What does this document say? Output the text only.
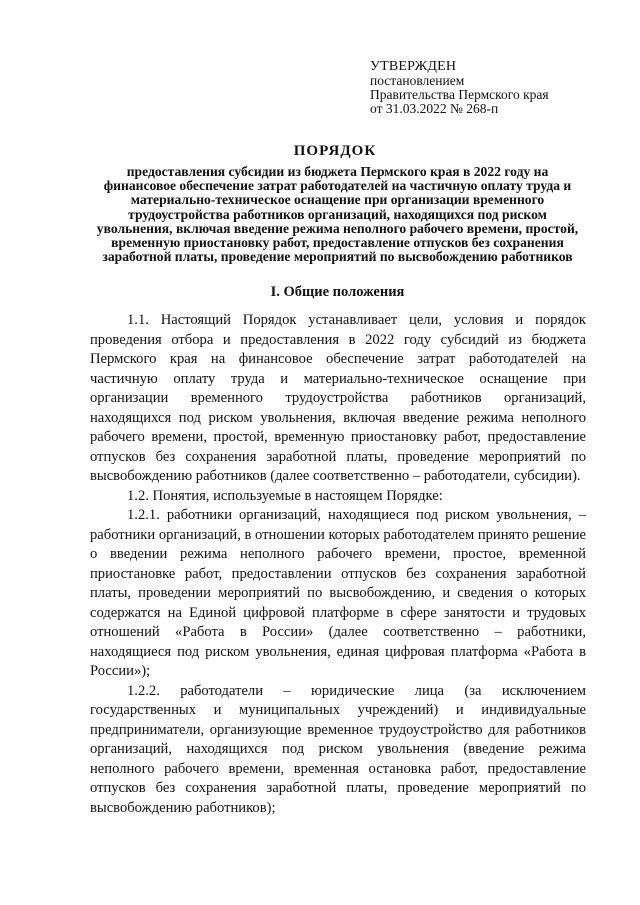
УТВЕРЖДЕН
постановлением
Правительства Пермского края
от 31.03.2022 № 268-п
ПОРЯДОК
предоставления субсидии из бюджета Пермского края в 2022 году на финансовое обеспечение затрат работодателей на частичную оплату труда и материально-техническое оснащение при организации временного трудоустройства работников организаций, находящихся под риском увольнения, включая введение режима неполного рабочего времени, простой, временную приостановку работ, предоставление отпусков без сохранения заработной платы, проведение мероприятий по высвобождению работников
I. Общие положения

1.1. Настоящий Порядок устанавливает цели, условия и порядок проведения отбора и предоставления в 2022 году субсидий из бюджета Пермского края на финансовое обеспечение затрат работодателей на частичную оплату труда и материально-техническое оснащение при организации временного трудоустройства работников организаций, находящихся под риском увольнения, включая введение режима неполного рабочего времени, простой, временную приостановку работ, предоставление отпусков без сохранения заработной платы, проведение мероприятий по высвобождению работников (далее соответственно – работодатели, субсидии).

1.2. Понятия, используемые в настоящем Порядке:

1.2.1. работники организаций, находящиеся под риском увольнения, – работники организаций, в отношении которых работодателем принято решение о введении режима неполного рабочего времени, простое, временной приостановке работ, предоставлении отпусков без сохранения заработной платы, проведении мероприятий по высвобождению, и сведения о которых содержатся на Единой цифровой платформе в сфере занятости и трудовых отношений «Работа в России» (далее соответственно – работники, находящиеся под риском увольнения, единая цифровая платформа «Работа в России»);

1.2.2. работодатели – юридические лица (за исключением государственных и муниципальных учреждений) и индивидуальные предприниматели, организующие временное трудоустройство для работников организаций, находящихся под риском увольнения (введение режима неполного рабочего времени, временная остановка работ, предоставление отпусков без сохранения заработной платы, проведение мероприятий по высвобождению работников);
